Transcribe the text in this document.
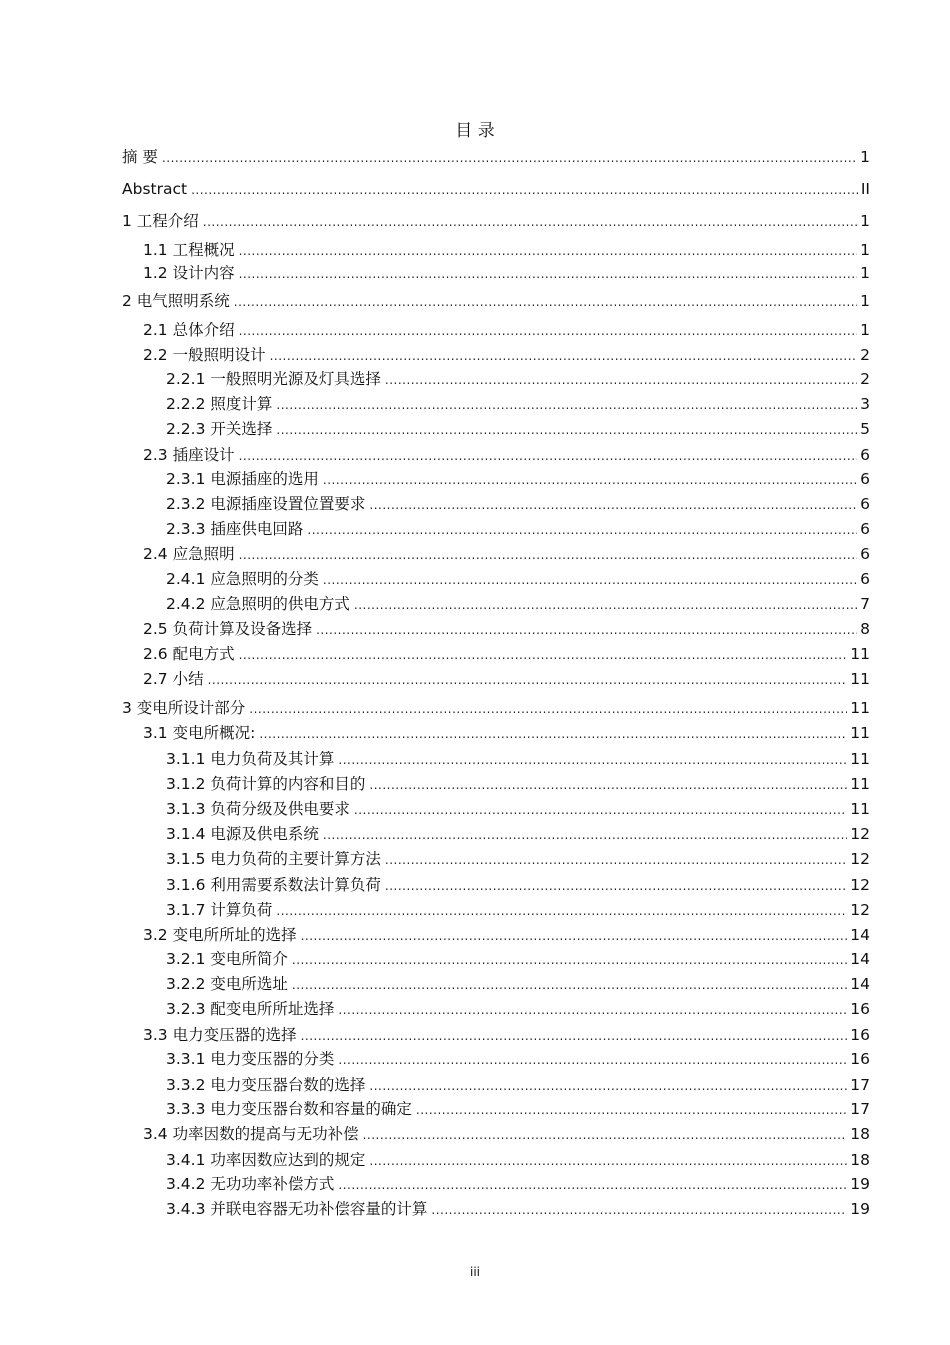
目 录
摘 要 .....	1
Abstract .....	II
1 工程介绍 .....	1
1.1 工程概况 .....	1
1.2 设计内容 .....	1
2 电气照明系统 .....	1
2.1 总体介绍 .....	1
2.2 一般照明设计 .....	2
2.2.1 一般照明光源及灯具选择 .....	2
2.2.2 照度计算 .....	3
2.2.3 开关选择 .....	5
2.3 插座设计 .....	6
2.3.1 电源插座的选用 .....	6
2.3.2 电源插座设置位置要求 .....	6
2.3.3 插座供电回路 .....	6
2.4 应急照明 .....	6
2.4.1 应急照明的分类 .....	6
2.4.2 应急照明的供电方式 .....	7
2.5 负荷计算及设备选择 .....	8
2.6 配电方式 .....	11
2.7 小结 .....	11
3 变电所设计部分 .....	11
3.1 变电所概况: .....	11
3.1.1 电力负荷及其计算 .....	11
3.1.2 负荷计算的内容和目的 .....	11
3.1.3 负荷分级及供电要求 .....	11
3.1.4 电源及供电系统 .....	12
3.1.5 电力负荷的主要计算方法 .....	12
3.1.6 利用需要系数法计算负荷 .....	12
3.1.7 计算负荷 .....	12
3.2 变电所所址的选择 .....	14
3.2.1 变电所简介 .....	14
3.2.2 变电所选址 .....	14
3.2.3 配变电所所址选择 .....	16
3.3 电力变压器的选择 .....	16
3.3.1 电力变压器的分类 .....	16
3.3.2 电力变压器台数的选择 .....	17
3.3.3 电力变压器台数和容量的确定 .....	17
3.4 功率因数的提高与无功补偿 .....	18
3.4.1 功率因数应达到的规定 .....	18
3.4.2 无功功率补偿方式 .....	19
3.4.3 并联电容器无功补偿容量的计算 .....	19
iii
